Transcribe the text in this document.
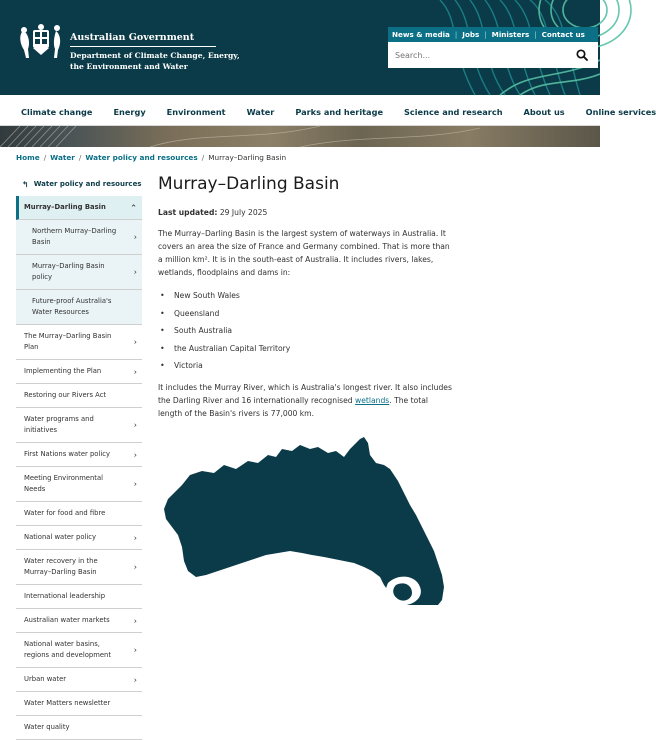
Australian Government
Department of Climate Change, Energy,
the Environment and Water
News & media | Jobs | Ministers | Contact us
Search...
Climate change	Energy	Environment	Water	Parks and heritage	Science and research	About us	Online services
Home / Water / Water policy and resources / Murray–Darling Basin
↰ Water policy and resources
Murray–Darling Basin	⌃
Northern Murray–Darling Basin
›
Murray–Darling Basin policy
›
Future-proof Australia's Water Resources
The Murray–Darling Basin Plan
›
Implementing the Plan	›
Restoring our Rivers Act
Water programs and initiatives
›
First Nations water policy	›
Meeting Environmental Needs
›
Water for food and fibre
National water policy	›
Water recovery in the Murray–Darling Basin
›
International leadership
Australian water markets	›
National water basins, regions and development
›
Urban water	›
Water Matters newsletter
Water quality
Murray–Darling Basin
Last updated: 29 July 2025

The Murray–Darling Basin is the largest system of waterways in Australia. It covers an area the size of France and Germany combined. That is more than a million km². It is in the south-east of Australia. It includes rivers, lakes, wetlands, floodplains and dams in:

• New South Wales
• Queensland
• South Australia
• the Australian Capital Territory
• Victoria

It includes the Murray River, which is Australia's longest river. It also includes the Darling River and 16 internationally recognised wetlands. The total length of the Basin's rivers is 77,000 km.
